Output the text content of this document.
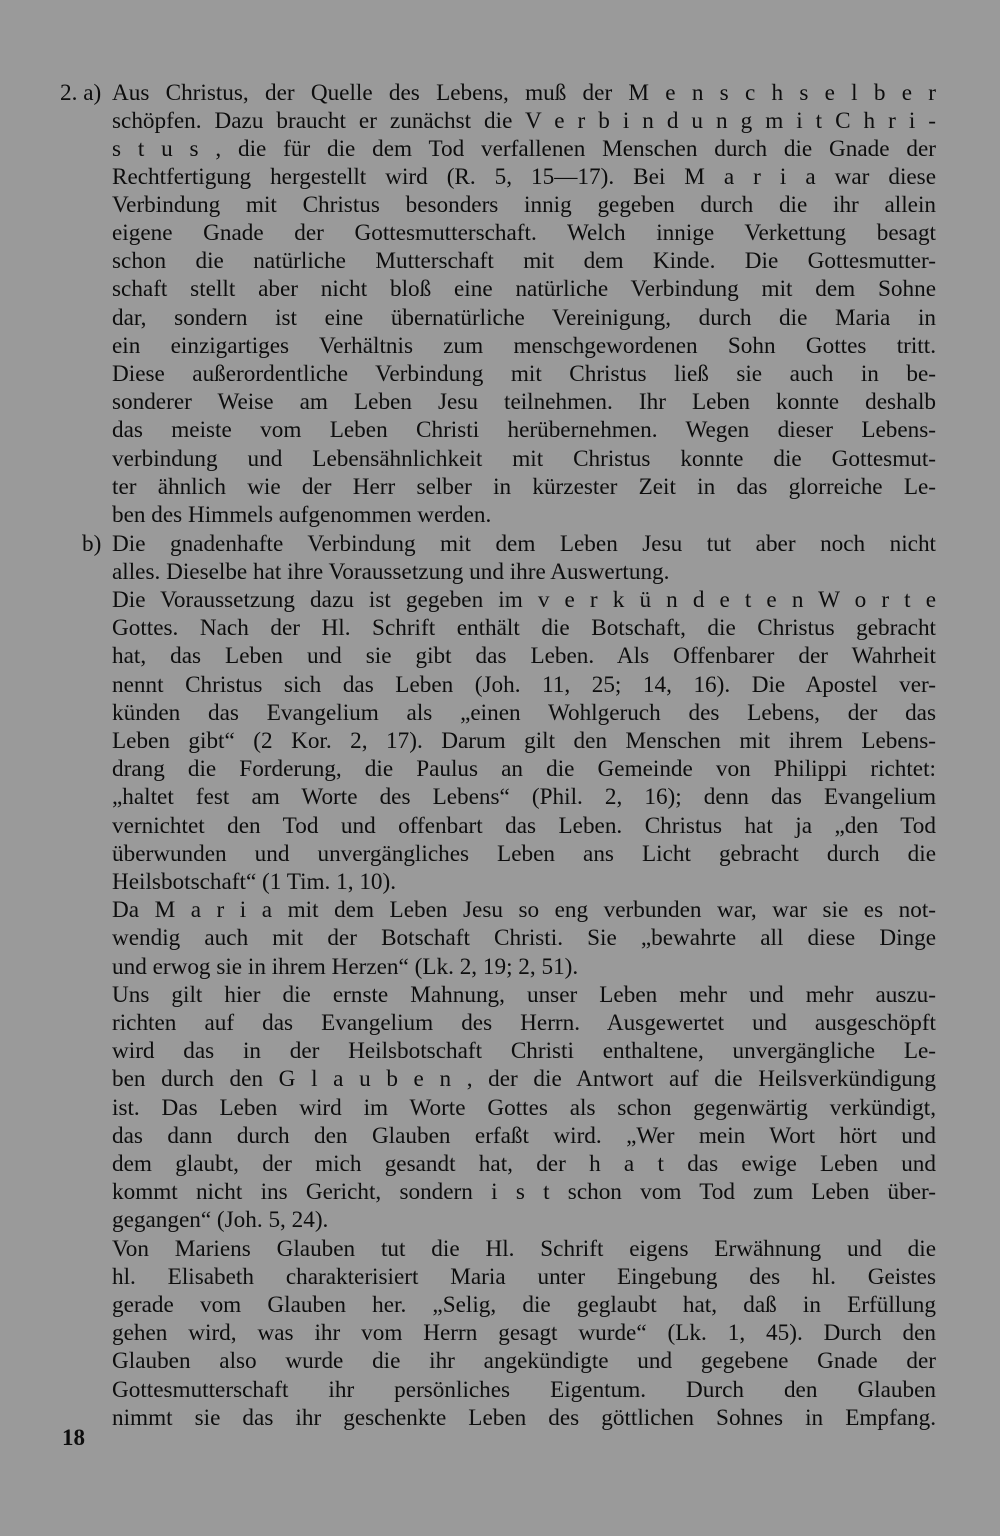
2. a)
b)
Aus Christus, der Quelle des Lebens, muß der M e n s c h s e l b e r
schöpfen. Dazu braucht er zunächst die V e r b i n d u n g m i t C h r i -
s t u s , die für die dem Tod verfallenen Menschen durch die Gnade der
Rechtfertigung hergestellt wird (R. 5, 15—17). Bei M a r i a war diese
Verbindung mit Christus besonders innig gegeben durch die ihr allein
eigene Gnade der Gottesmutterschaft. Welch innige Verkettung besagt
schon die natürliche Mutterschaft mit dem Kinde. Die Gottesmutter-
schaft stellt aber nicht bloß eine natürliche Verbindung mit dem Sohne
dar, sondern ist eine übernatürliche Vereinigung, durch die Maria in
ein einzigartiges Verhältnis zum menschgewordenen Sohn Gottes tritt.
Diese außerordentliche Verbindung mit Christus ließ sie auch in be-
sonderer Weise am Leben Jesu teilnehmen. Ihr Leben konnte deshalb
das meiste vom Leben Christi herübernehmen. Wegen dieser Lebens-
verbindung und Lebensähnlichkeit mit Christus konnte die Gottesmut-
ter ähnlich wie der Herr selber in kürzester Zeit in das glorreiche Le-
ben des Himmels aufgenommen werden.
Die gnadenhafte Verbindung mit dem Leben Jesu tut aber noch nicht
alles. Dieselbe hat ihre Voraussetzung und ihre Auswertung.
Die Voraussetzung dazu ist gegeben im v e r k ü n d e t e n W o r t e
Gottes. Nach der Hl. Schrift enthält die Botschaft, die Christus gebracht
hat, das Leben und sie gibt das Leben. Als Offenbarer der Wahrheit
nennt Christus sich das Leben (Joh. 11, 25; 14, 16). Die Apostel ver-
künden das Evangelium als „einen Wohlgeruch des Lebens, der das
Leben gibt“ (2 Kor. 2, 17). Darum gilt den Menschen mit ihrem Lebens-
drang die Forderung, die Paulus an die Gemeinde von Philippi richtet:
„haltet fest am Worte des Lebens“ (Phil. 2, 16); denn das Evangelium
vernichtet den Tod und offenbart das Leben. Christus hat ja „den Tod
überwunden und unvergängliches Leben ans Licht gebracht durch die
Heilsbotschaft“ (1 Tim. 1, 10).
Da M a r i a mit dem Leben Jesu so eng verbunden war, war sie es not-
wendig auch mit der Botschaft Christi. Sie „bewahrte all diese Dinge
und erwog sie in ihrem Herzen“ (Lk. 2, 19; 2, 51).
Uns gilt hier die ernste Mahnung, unser Leben mehr und mehr auszu-
richten auf das Evangelium des Herrn. Ausgewertet und ausgeschöpft
wird das in der Heilsbotschaft Christi enthaltene, unvergängliche Le-
ben durch den G l a u b e n , der die Antwort auf die Heilsverkündigung
ist. Das Leben wird im Worte Gottes als schon gegenwärtig verkündigt,
das dann durch den Glauben erfaßt wird. „Wer mein Wort hört und
dem glaubt, der mich gesandt hat, der h a t das ewige Leben und
kommt nicht ins Gericht, sondern i s t schon vom Tod zum Leben über-
gegangen“ (Joh. 5, 24).
Von Mariens Glauben tut die Hl. Schrift eigens Erwähnung und die
hl. Elisabeth charakterisiert Maria unter Eingebung des hl. Geistes
gerade vom Glauben her. „Selig, die geglaubt hat, daß in Erfüllung
gehen wird, was ihr vom Herrn gesagt wurde“ (Lk. 1, 45). Durch den
Glauben also wurde die ihr angekündigte und gegebene Gnade der
Gottesmutterschaft ihr persönliches Eigentum. Durch den Glauben
nimmt sie das ihr geschenkte Leben des göttlichen Sohnes in Empfang.
18
